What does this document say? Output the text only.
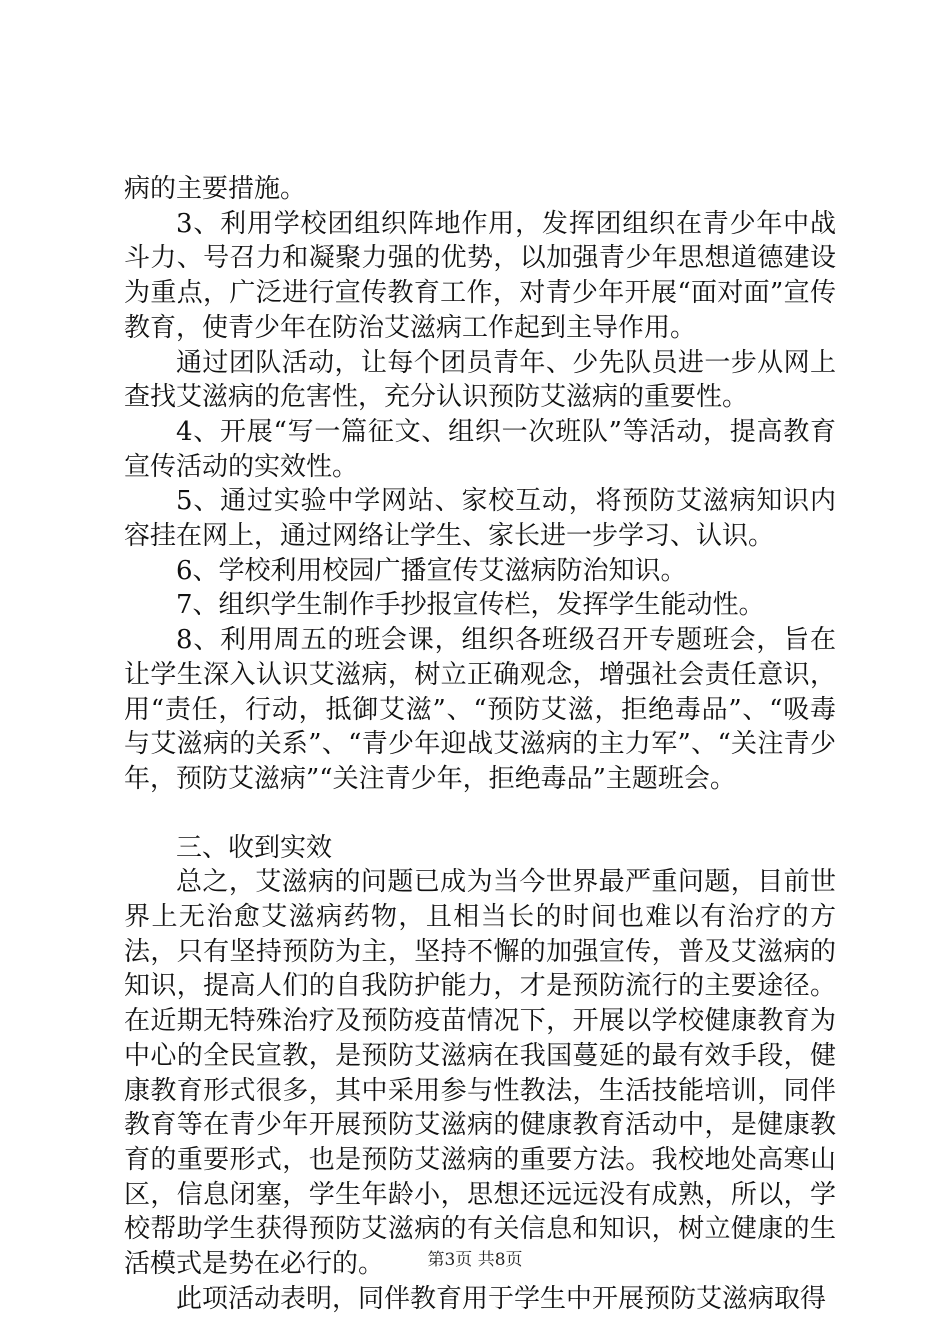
病的主要措施。

3、利用学校团组织阵地作用，发挥团组织在青少年中战斗力、号召力和凝聚力强的优势，以加强青少年思想道德建设为重点，广泛进行宣传教育工作，对青少年开展“面对面”宣传教育，使青少年在防治艾滋病工作起到主导作用。

通过团队活动，让每个团员青年、少先队员进一步从网上查找艾滋病的危害性，充分认识预防艾滋病的重要性。

4、开展“写一篇征文、组织一次班队”等活动，提高教育宣传活动的实效性。

5、通过实验中学网站、家校互动，将预防艾滋病知识内容挂在网上，通过网络让学生、家长进一步学习、认识。

6、学校利用校园广播宣传艾滋病防治知识。

7、组织学生制作手抄报宣传栏，发挥学生能动性。

8、利用周五的班会课，组织各班级召开专题班会，旨在让学生深入认识艾滋病，树立正确观念，增强社会责任意识，用“责任，行动，抵御艾滋”、“预防艾滋，拒绝毒品”、“吸毒与艾滋病的关系”、“青少年迎战艾滋病的主力军”、“关注青少年，预防艾滋病”“关注青少年，拒绝毒品”主题班会。

三、收到实效

总之，艾滋病的问题已成为当今世界最严重问题，目前世界上无治愈艾滋病药物，且相当长的时间也难以有治疗的方法，只有坚持预防为主，坚持不懈的加强宣传，普及艾滋病的知识，提高人们的自我防护能力，才是预防流行的主要途径。在近期无特殊治疗及预防疫苗情况下，开展以学校健康教育为中心的全民宣教，是预防艾滋病在我国蔓延的最有效手段，健康教育形式很多，其中采用参与性教法，生活技能培训，同伴教育等在青少年开展预防艾滋病的健康教育活动中，是健康教育的重要形式，也是预防艾滋病的重要方法。我校地处高寒山区，信息闭塞，学生年龄小，思想还远远没有成熟，所以，学校帮助学生获得预防艾滋病的有关信息和知识，树立健康的生活模式是势在必行的。

此项活动表明，同伴教育用于学生中开展预防艾滋病取得

第3页 共8页
